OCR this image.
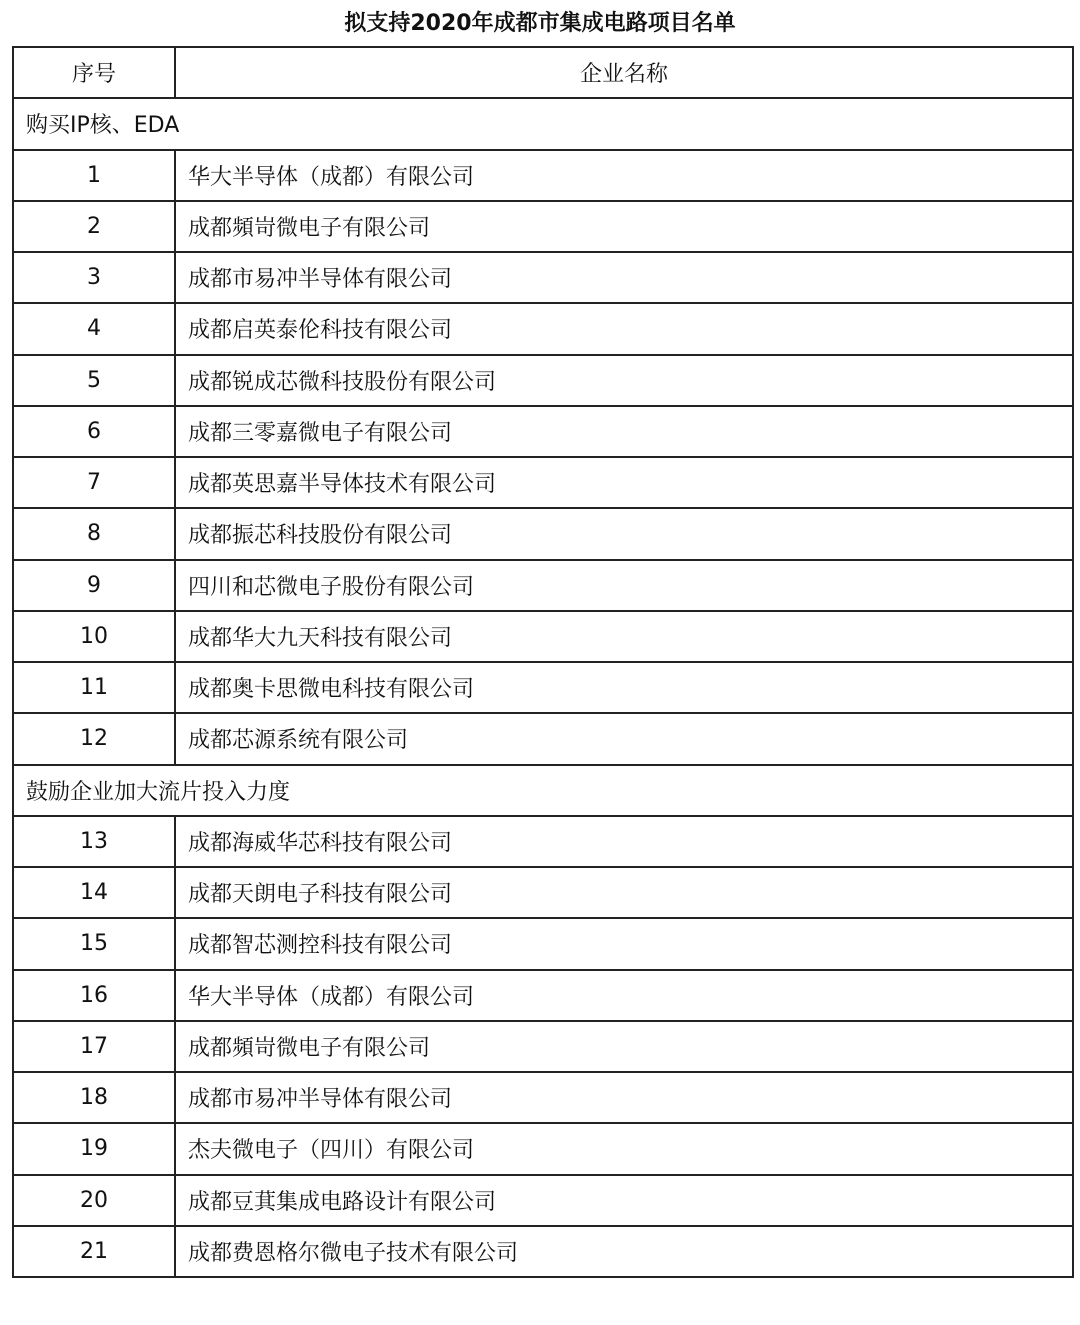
拟支持2020年成都市集成电路项目名单
序号	企业名称
购买IP核、EDA	
1	华大半导体（成都）有限公司
2	成都頻岢微电子有限公司
3	成都市易冲半导体有限公司
4	成都启英泰伦科技有限公司
5	成都锐成芯微科技股份有限公司
6	成都三零嘉微电子有限公司
7	成都英思嘉半导体技术有限公司
8	成都振芯科技股份有限公司
9	四川和芯微电子股份有限公司
10	成都华大九天科技有限公司
11	成都奥卡思微电科技有限公司
12	成都芯源系统有限公司
鼓励企业加大流片投入力度	
13	成都海威华芯科技有限公司
14	成都天朗电子科技有限公司
15	成都智芯测控科技有限公司
16	华大半导体（成都）有限公司
17	成都頻岢微电子有限公司
18	成都市易冲半导体有限公司
19	杰夫微电子（四川）有限公司
20	成都豆萁集成电路设计有限公司
21	成都费恩格尔微电子技术有限公司
